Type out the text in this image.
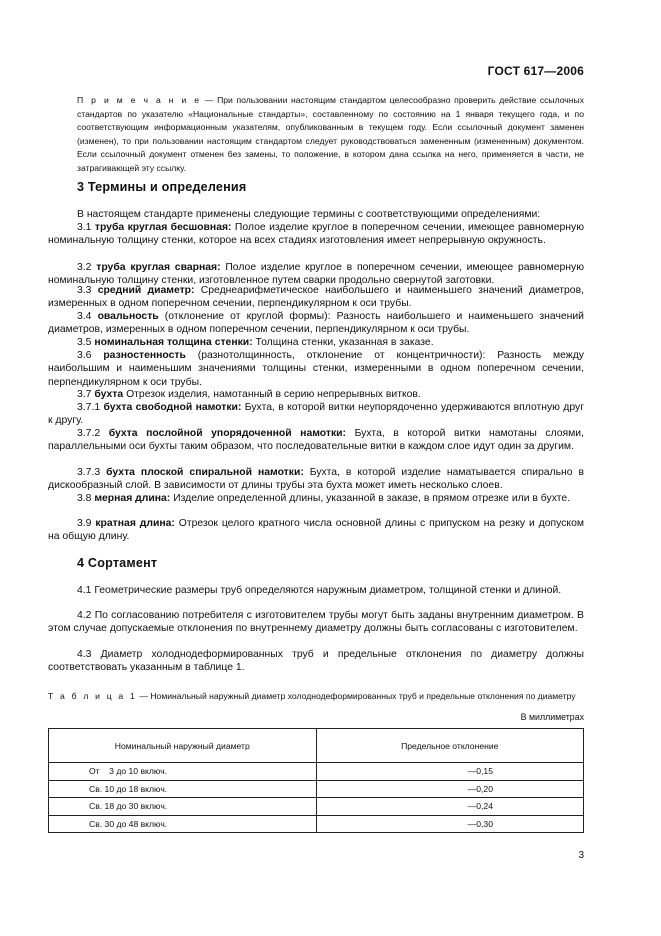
ГОСТ 617—2006
П р и м е ч а н и е — При пользовании настоящим стандартом целесообразно проверить действие ссылочных стандартов по указателю «Национальные стандарты», составленному по состоянию на 1 января текущего года, и по соответствующим информационным указателям, опубликованным в текущем году. Если ссылочный документ заменен (изменен), то при пользовании настоящим стандартом следует руководствоваться замененным (измененным) документом. Если ссылочный документ отменен без замены, то положение, в котором дана ссылка на него, применяется в части, не затрагивающей эту ссылку.
3 Термины и определения
В настоящем стандарте применены следующие термины с соответствующими определениями:
3.1 труба круглая бесшовная: Полое изделие круглое в поперечном сечении, имеющее равномерную номинальную толщину стенки, которое на всех стадиях изготовления имеет непрерывную окружность.
3.2 труба круглая сварная: Полое изделие круглое в поперечном сечении, имеющее равномерную номинальную толщину стенки, изготовленное путем сварки продольно свернутой заготовки.
3.3 средний диаметр: Среднеарифметическое наибольшего и наименьшего значений диаметров, измеренных в одном поперечном сечении, перпендикулярном к оси трубы.
3.4 овальность (отклонение от круглой формы): Разность наибольшего и наименьшего значений диаметров, измеренных в одном поперечном сечении, перпендикулярном к оси трубы.
3.5 номинальная толщина стенки: Толщина стенки, указанная в заказе.
3.6 разностенность (разнотолщинность, отклонение от концентричности): Разность между наибольшим и наименьшим значениями толщины стенки, измеренными в одном поперечном сечении, перпендикулярном к оси трубы.
3.7 бухта Отрезок изделия, намотанный в серию непрерывных витков.
3.7.1 бухта свободной намотки: Бухта, в которой витки неупорядоченно удерживаются вплотную друг к другу.
3.7.2 бухта послойной упорядоченной намотки: Бухта, в которой витки намотаны слоями, параллельными оси бухты таким образом, что последовательные витки в каждом слое идут один за другим.
3.7.3 бухта плоской спиральной намотки: Бухта, в которой изделие наматывается спирально в дискообразный слой. В зависимости от длины трубы эта бухта может иметь несколько слоев.
3.8 мерная длина: Изделие определенной длины, указанной в заказе, в прямом отрезке или в бухте.
3.9 кратная длина: Отрезок целого кратного числа основной длины с припуском на резку и допуском на общую длину.
4 Сортамент
4.1 Геометрические размеры труб определяются наружным диаметром, толщиной стенки и длиной.
4.2 По согласованию потребителя с изготовителем трубы могут быть заданы внутренним диаметром. В этом случае допускаемые отклонения по внутреннему диаметру должны быть согласованы с изготовителем.
4.3 Диаметр холоднодеформированных труб и предельные отклонения по диаметру должны соответствовать указанным в таблице 1.
Т а б л и ц а 1 — Номинальный наружный диаметр холоднодеформированных труб и предельные отклонения по диаметру
В миллиметрах
Номинальный наружный диаметр	Предельное отклонение
От    3 до 10 включ.	—0,15
Св. 10 до 18 включ.	—0,20
Св. 18 до 30 включ.	—0,24
Св. 30 до 48 включ.	—0,30
3
